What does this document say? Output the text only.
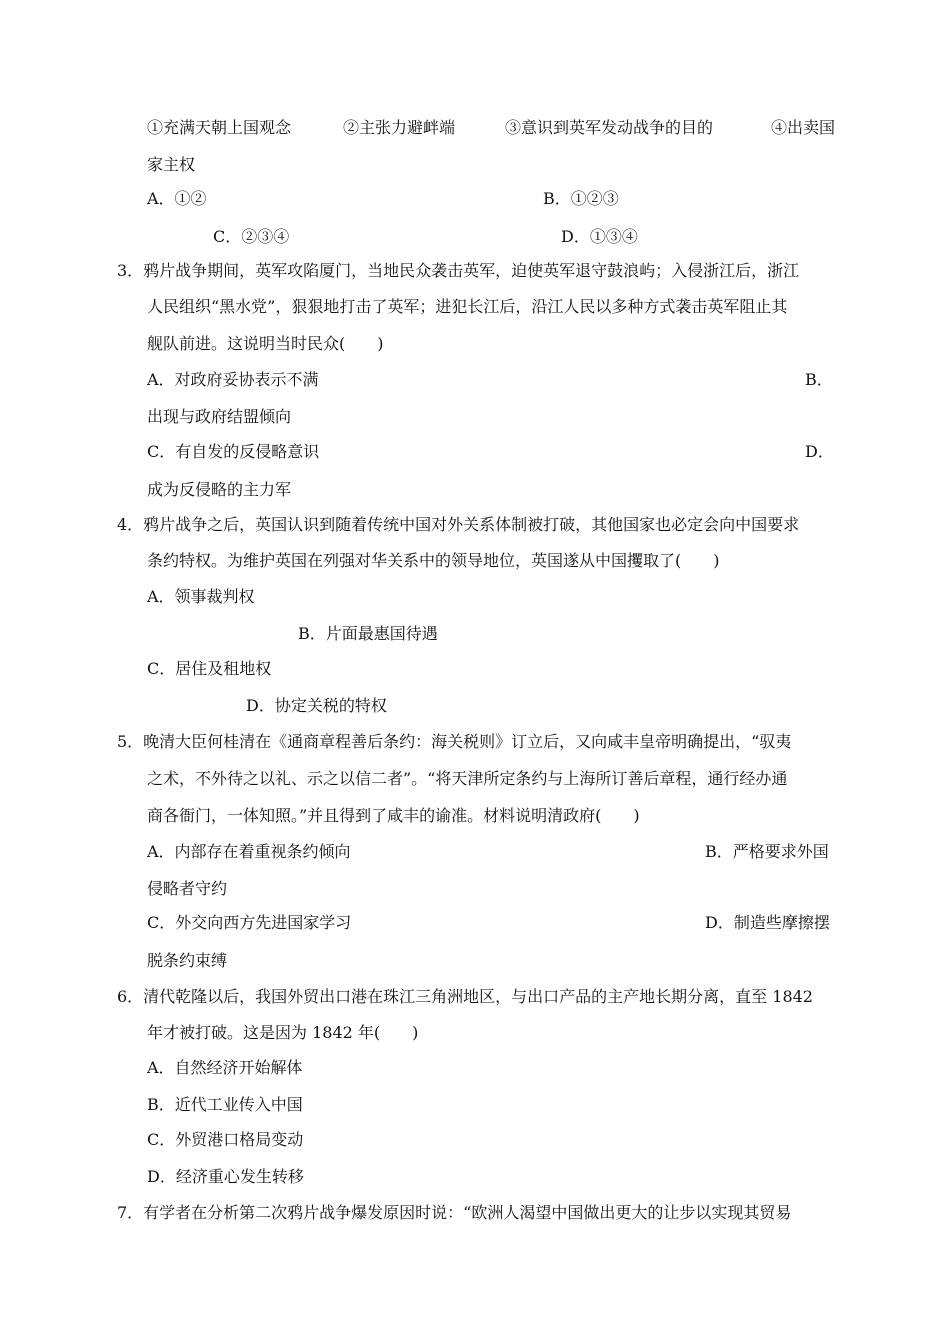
①充满天朝上国观念	②主张力避衅端	③意识到英军发动战争的目的	④出卖国
家主权
A．①②	B．①②③
C．②③④	D．①③④
3．鸦片战争期间，英军攻陷厦门，当地民众袭击英军，迫使英军退守鼓浪屿；入侵浙江后，浙江
人民组织“黑水党”，狠狠地打击了英军；进犯长江后，沿江人民以多种方式袭击英军阻止其
舰队前进。这说明当时民众(　　)
A．对政府妥协表示不满	B．
出现与政府结盟倾向
C．有自发的反侵略意识	D．
成为反侵略的主力军
4．鸦片战争之后，英国认识到随着传统中国对外关系体制被打破，其他国家也必定会向中国要求
条约特权。为维护英国在列强对华关系中的领导地位，英国遂从中国攫取了(　　)
A．领事裁判权
B．片面最惠国待遇
C．居住及租地权
D．协定关税的特权
5．晚清大臣何桂清在《通商章程善后条约：海关税则》订立后，又向咸丰皇帝明确提出，“驭夷
之术，不外待之以礼、示之以信二者”。“将天津所定条约与上海所订善后章程，通行经办通
商各衙门，一体知照。”并且得到了咸丰的谕准。材料说明清政府(　　)
A．内部存在着重视条约倾向	B．严格要求外国
侵略者守约
C．外交向西方先进国家学习	D．制造些摩擦摆
脱条约束缚
6．清代乾隆以后，我国外贸出口港在珠江三角洲地区，与出口产品的主产地长期分离，直至 1842
年才被打破。这是因为 1842 年(　　)
A．自然经济开始解体
B．近代工业传入中国
C．外贸港口格局变动
D．经济重心发生转移
7．有学者在分析第二次鸦片战争爆发原因时说：“欧洲人渴望中国做出更大的让步以实现其贸易
